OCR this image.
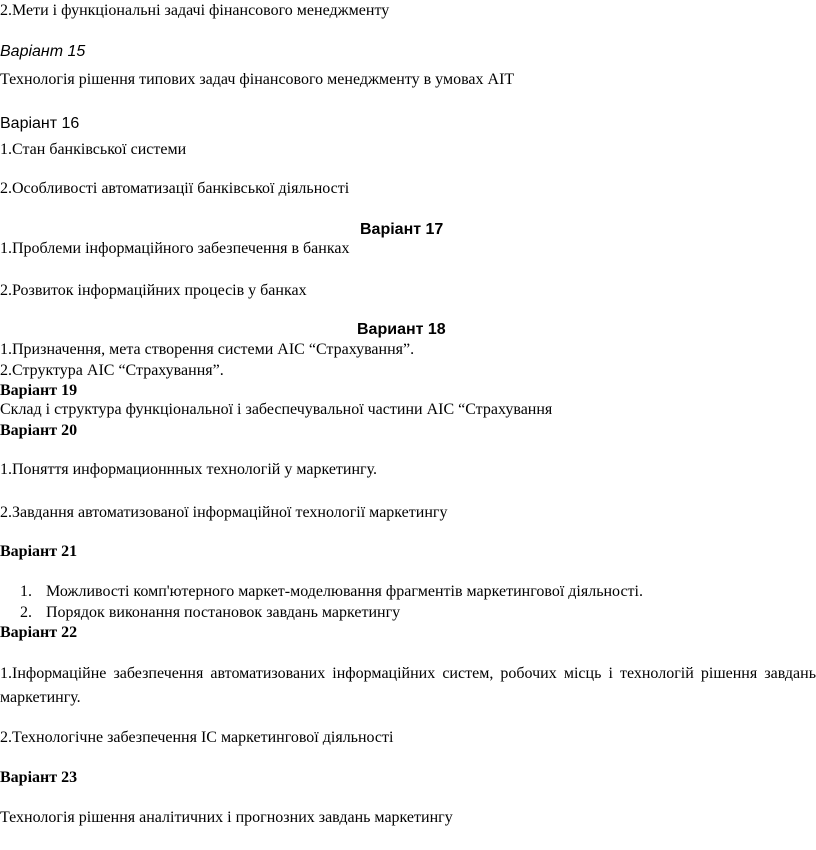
2.Мети і функціональні задачі фінансового менеджменту
Варіант 15
Технологія рішення типових задач фінансового менеджменту в умовах АІТ
Варіант 16
1.Стан банківської системи
2.Особливості автоматизації банківської діяльності
Варіант 17
1.Проблеми інформаційного забезпечення в банках
2.Розвиток інформаційних процесів у банках
Вариант 18
1.Призначення, мета створення системи АІС “Страхування”.
2.Структура АІС “Страхування”.
Варіант 19
Склад і структура функціональної і забеспечувальної частини АІС “Страхування
Варіант 20
1.Поняття информационнных технологій у маркетингу.
2.Завдання автоматизованої інформаційної технології маркетингу
Варіант 21
1. Можливості комп'ютерного маркет-моделювання фрагментів маркетингової діяльності.
2. Порядок виконання постановок завдань маркетингу
Варіант 22
1.Інформаційне забезпечення автоматизованих інформаційних систем, робочих місць і технологій рішення завдань маркетингу.
2.Технологічне забезпечення ІС маркетингової діяльності
Варіант 23
Технологія рішення аналітичних і прогнозних завдань маркетингу
